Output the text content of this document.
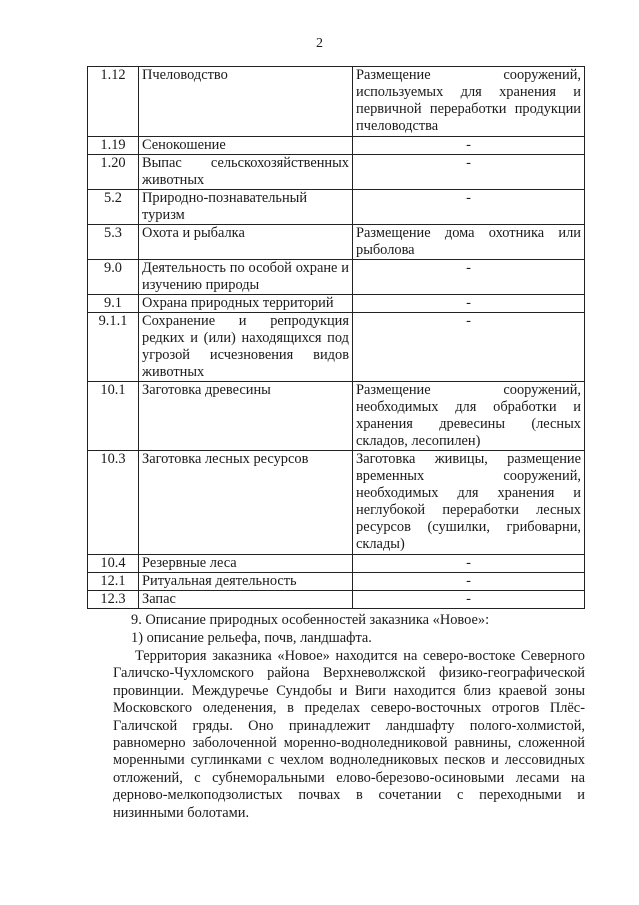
2
1.12	Пчеловодство	Размещение сооружений, используемых для хранения и первичной переработки продукции пчеловодства
1.19	Сенокошение	-
1.20	Выпас сельскохозяйственных животных	-
5.2	Природно-познавательный туризм	-
5.3	Охота и рыбалка	Размещение дома охотника или рыболова
9.0	Деятельность по особой охране и изучению природы	-
9.1	Охрана природных территорий	-
9.1.1	Сохранение и репродукция редких и (или) находящихся под угрозой исчезновения видов животных	-
10.1	Заготовка древесины	Размещение сооружений, необходимых для обработки и хранения древесины (лесных складов, лесопилен)
10.3	Заготовка лесных ресурсов	Заготовка живицы, размещение временных сооружений, необходимых для хранения и неглубокой переработки лесных ресурсов (сушилки, грибоварни, склады)
10.4	Резервные леса	-
12.1	Ритуальная деятельность	-
12.3	Запас	-
9. Описание природных особенностей заказника «Новое»:
1) описание рельефа, почв, ландшафта.
Территория заказника «Новое» находится на северо-востоке Северного Галичско-Чухломского района Верхневолжской физико-географической провинции. Междуречье Сундобы и Виги находится близ краевой зоны Московского оледенения, в пределах северо-восточных отрогов Плёс-Галичской гряды. Оно принадлежит ландшафту полого-холмистой, равномерно заболоченной моренно-водноледниковой равнины, сложенной моренными суглинками с чехлом водноледниковых песков и лессовидных отложений, с субнеморальными елово-березово-осиновыми лесами на дерново-мелкоподзолистых почвах в сочетании с переходными и низинными болотами.
